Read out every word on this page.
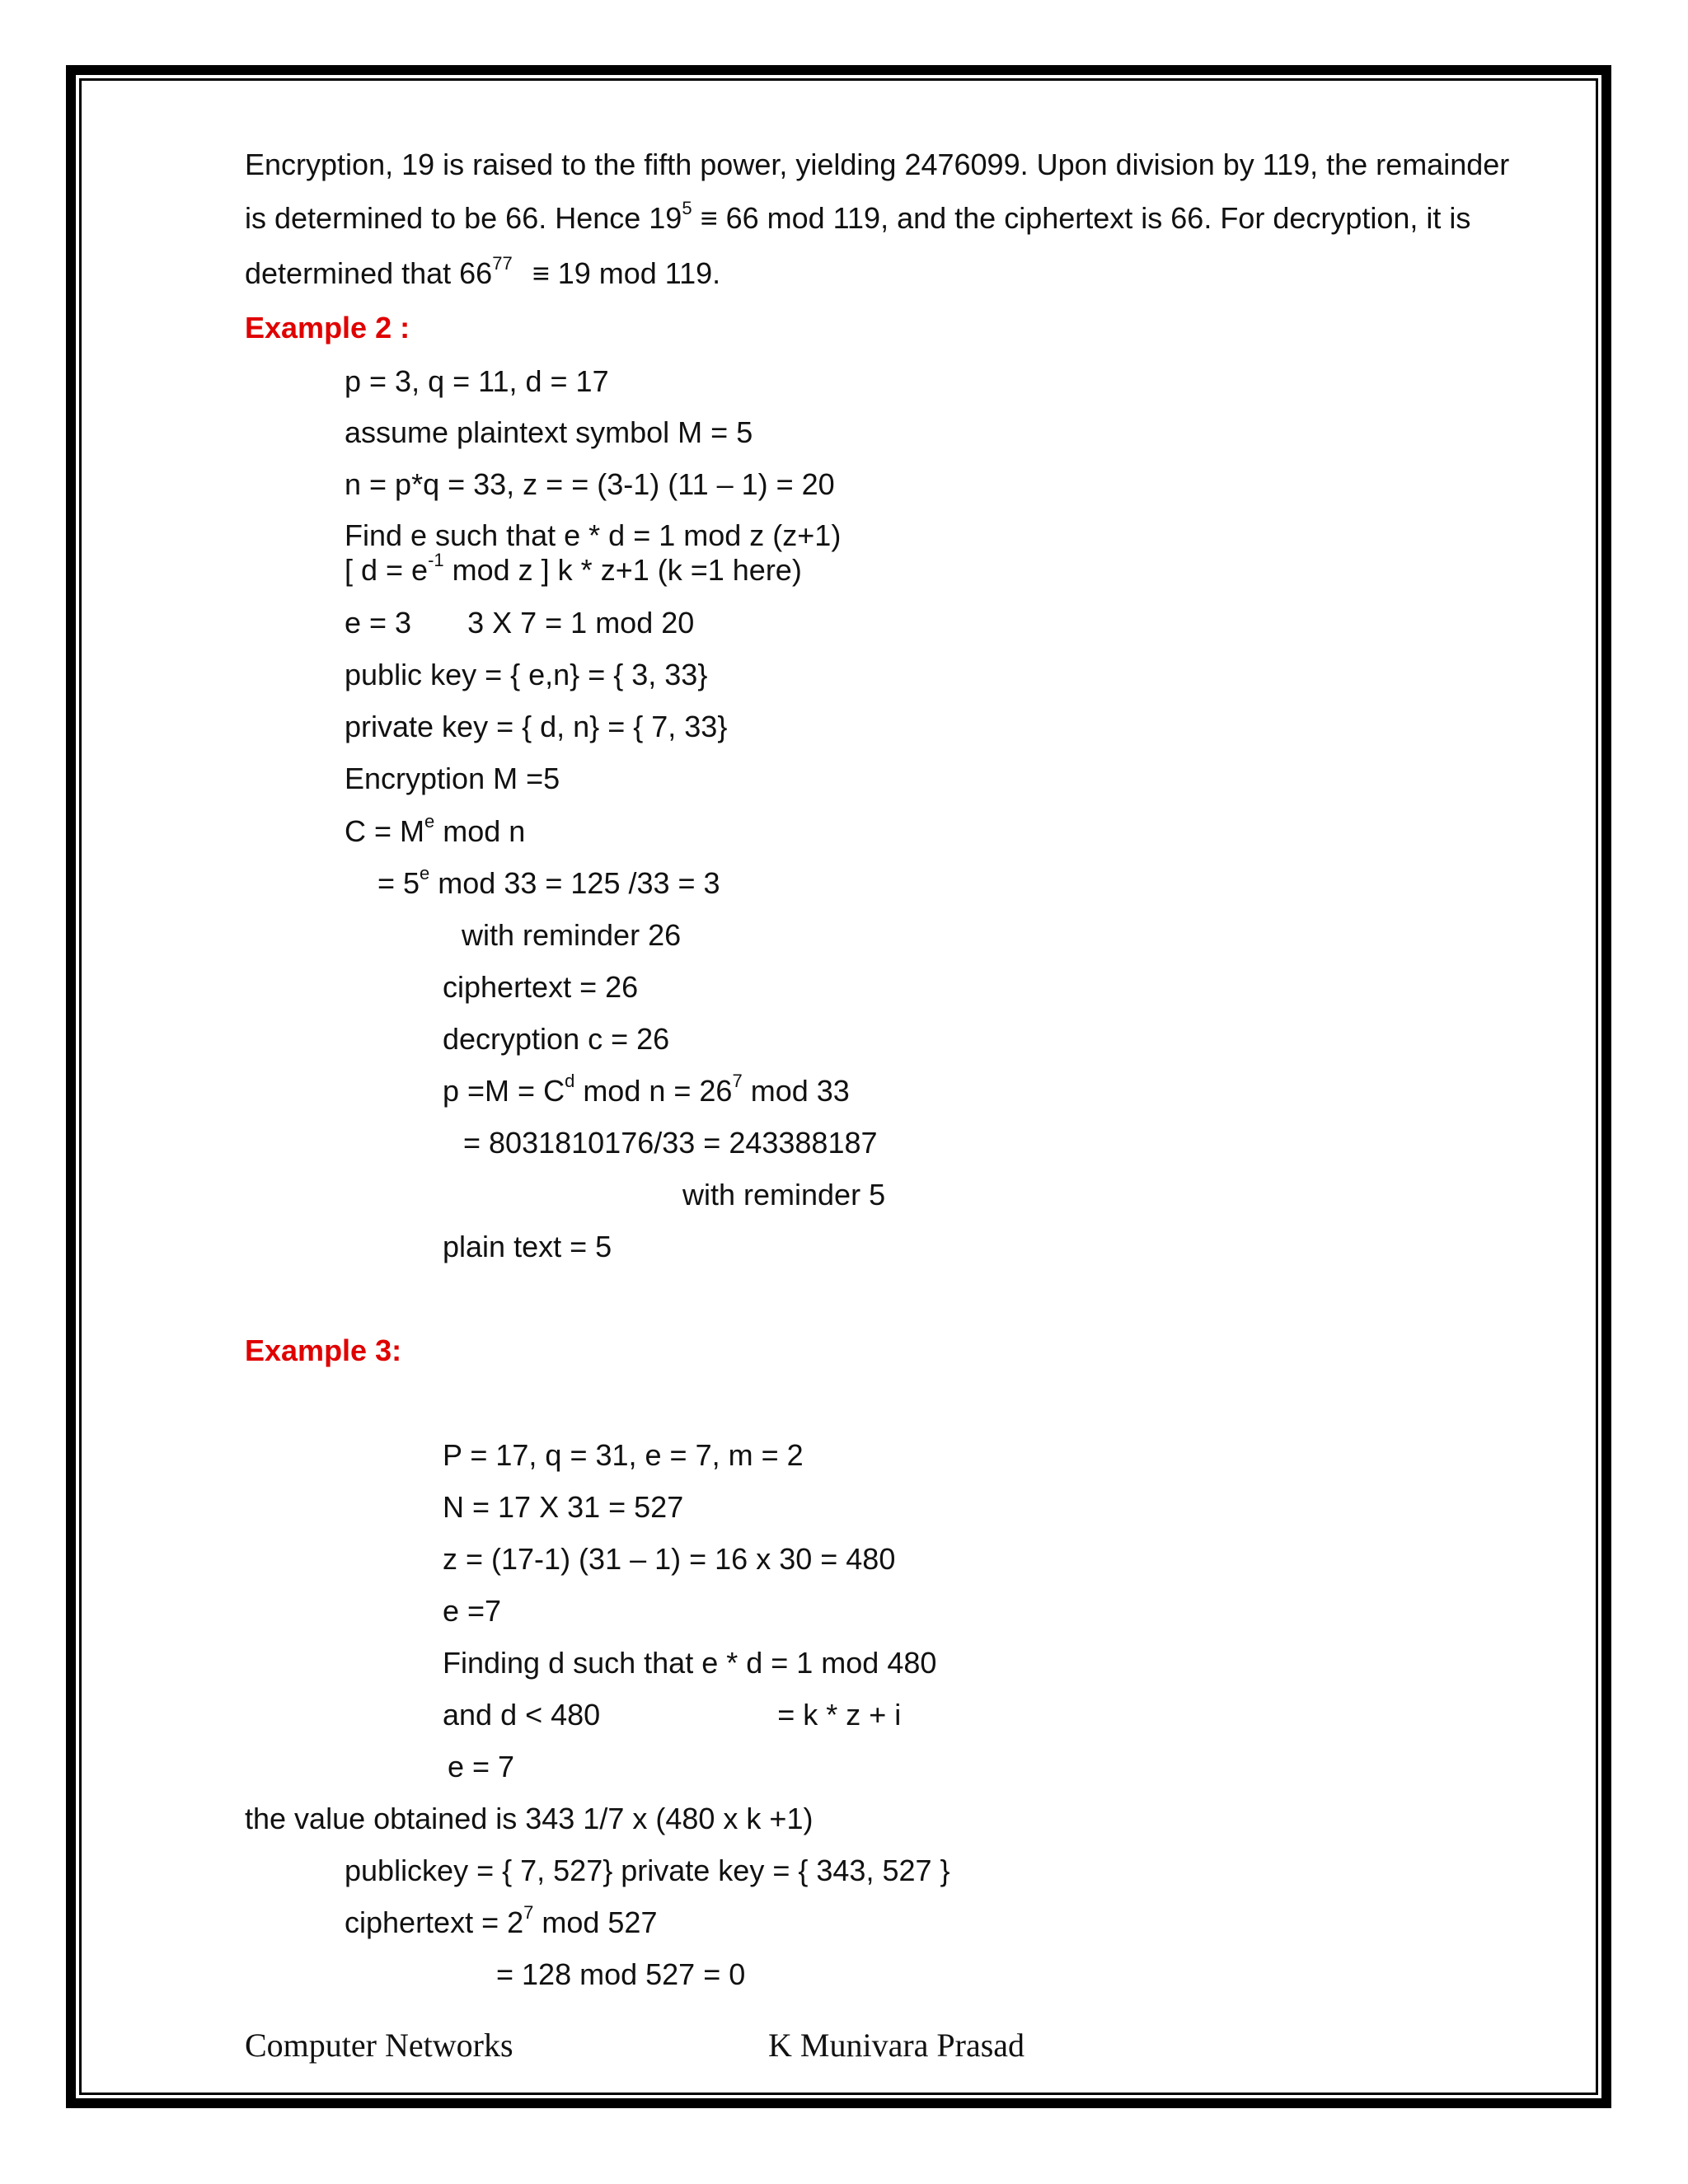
Encryption, 19 is raised to the fifth power, yielding 2476099. Upon division by 119, the remainder
is determined to be 66. Hence $19^5 \equiv 66$ mod 119, and the ciphertext is 66. For decryption, it is
determined that $66^{77} \equiv 19$ mod 119.
Example 2 :
p = 3, q = 11, d = 17
assume plaintext symbol M = 5
n = p*q = 33, z = = (3-1) (11 – 1) = 20
Find e such that e * d = 1 mod z (z+1)
[ $d = e^{-1}$ mod z ] k * z+1 (k =1 here)
e = 3 3 X 7 = 1 mod 20
public key = { e,n} = { 3, 33}
private key = { d, n} = { 7, 33}
Encryption M =5
$C = M^e$ mod n
= $5^e$ mod 33 = 125 /33 = 3
with reminder 26
ciphertext = 26
decryption c = 26
$p =M = C^d$ mod $n = 26^7$ mod 33
= 8031810176/33 = 243388187
with reminder 5
plain text = 5
Example 3:
P = 17, q = 31, e = 7, m = 2
N = 17 X 31 = 527
z = (17-1) (31 – 1) = 16 x 30 = 480
e =7
Finding d such that e * d = 1 mod 480
and d < 480	= k * z + i
e = 7
the value obtained is 343 1/7 x (480 x k +1)
publickey = { 7, 527} private key = { 343, 527 }
ciphertext = $2^7$ mod 527
= 128 mod 527 = 0
Computer Networks	K Munivara Prasad
